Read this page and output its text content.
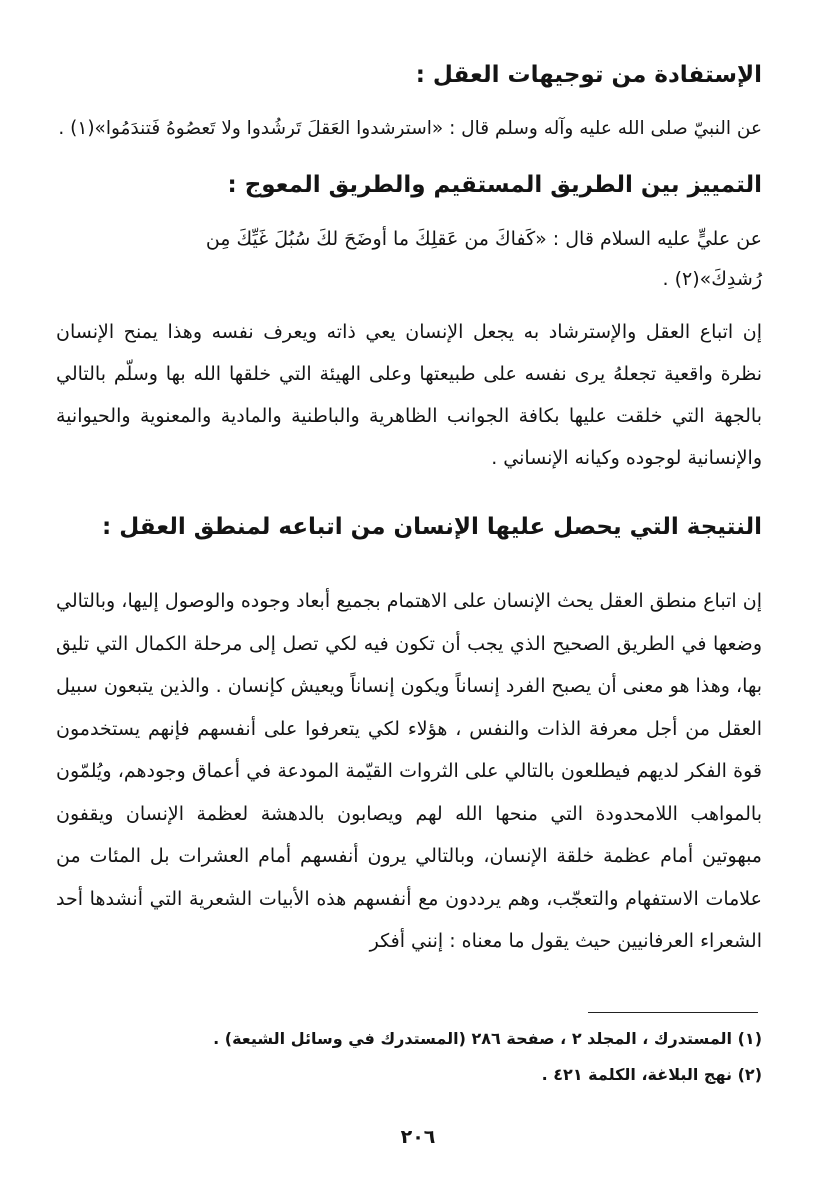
الإستفادة من توجيهات العقل :
عن النبيّ صلى الله عليه وآله وسلم قال : «استرشدوا العَقلَ تَرشُدوا ولا تَعصُوهُ فَتندَمُوا»(١) .
التمييز بين الطريق المستقيم والطريق المعوج :
عن عليٍّ عليه السلام قال : «كَفاكَ من عَقلِكَ ما أوضَحَ لكَ سُبُلَ غَيِّكَ مِن
رُشدِكَ»(٢) .
إن اتباع العقل والإسترشاد به يجعل الإنسان يعي ذاته ويعرف نفسه وهذا يمنح الإنسان نظرة واقعية تجعلهُ يرى نفسه على طبيعتها وعلى الهيئة التي خلقها الله بها وسلّم بالتالي بالجهة التي خلقت عليها بكافة الجوانب الظاهرية والباطنية والمادية والمعنوية والحيوانية والإنسانية لوجوده وكيانه الإنساني .
النتيجة التي يحصل عليها الإنسان من اتباعه لمنطق العقل :
إن اتباع منطق العقل يحث الإنسان على الاهتمام بجميع أبعاد وجوده والوصول إليها، وبالتالي وضعها في الطريق الصحيح الذي يجب أن تكون فيه لكي تصل إلى مرحلة الكمال التي تليق بها، وهذا هو معنى أن يصبح الفرد إنساناً ويكون إنساناً ويعيش كإنسان . والذين يتبعون سبيل العقل من أجل معرفة الذات والنفس ، هؤلاء لكي يتعرفوا على أنفسهم فإنهم يستخدمون قوة الفكر لديهم فيطلعون بالتالي على الثروات القيّمة المودعة في أعماق وجودهم، ويُلمّون بالمواهب اللامحدودة التي منحها الله لهم ويصابون بالدهشة لعظمة الإنسان ويقفون مبهوتين أمام عظمة خلقة الإنسان، وبالتالي يرون أنفسهم أمام العشرات بل المئات من علامات الاستفهام والتعجّب، وهم يرددون مع أنفسهم هذه الأبيات الشعرية التي أنشدها أحد الشعراء العرفانيين حيث يقول ما معناه : إنني أفكر
(١) المستدرك ، المجلد ٢ ، صفحة ٢٨٦ (المستدرك في وسائل الشيعة) .
(٢) نهج البلاغة، الكلمة ٤٢١ .
٢٠٦
